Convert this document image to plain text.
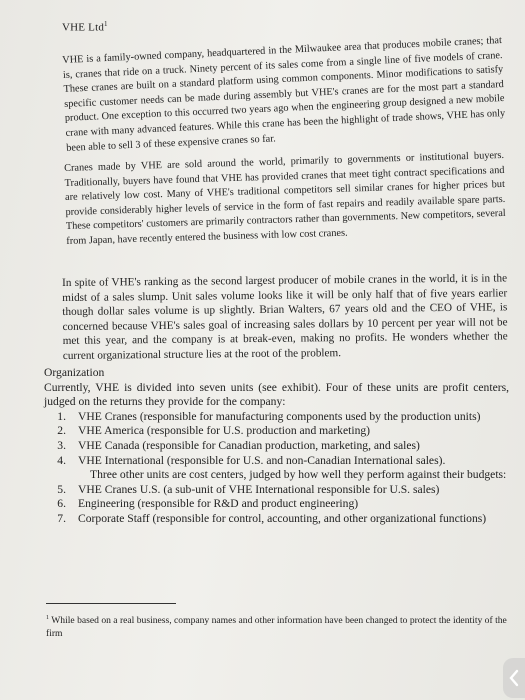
VHE Ltd$^1$

VHE is a family-owned company, headquartered in the Milwaukee area that produces mobile cranes; that is, cranes that ride on a truck. Ninety percent of its sales come from a single line of five models of crane. These cranes are built on a standard platform using common components. Minor modifications to satisfy specific customer needs can be made during assembly but VHE's cranes are for the most part a standard product. One exception to this occurred two years ago when the engineering group designed a new mobile crane with many advanced features. While this crane has been the highlight of trade shows, VHE has only been able to sell 3 of these expensive cranes so far.

Cranes made by VHE are sold around the world, primarily to governments or institutional buyers. Traditionally, buyers have found that VHE has provided cranes that meet tight contract specifications and are relatively low cost. Many of VHE's traditional competitors sell similar cranes for higher prices but provide considerably higher levels of service in the form of fast repairs and readily available spare parts. These competitors' customers are primarily contractors rather than governments. New competitors, several from Japan, have recently entered the business with low cost cranes.

In spite of VHE's ranking as the second largest producer of mobile cranes in the world, it is in the midst of a sales slump. Unit sales volume looks like it will be only half that of five years earlier though dollar sales volume is up slightly. Brian Walters, 67 years old and the CEO of VHE, is concerned because VHE's sales goal of increasing sales dollars by 10 percent per year will not be met this year, and the company is at break-even, making no profits. He wonders whether the current organizational structure lies at the root of the problem.

Organization

Currently, VHE is divided into seven units (see exhibit). Four of these units are profit centers, judged on the returns they provide for the company:

1.	VHE Cranes (responsible for manufacturing components used by the production units)
2.	VHE America (responsible for U.S. production and marketing)
3.	VHE Canada (responsible for Canadian production, marketing, and sales)
4.	VHE International (responsible for U.S. and non-Canadian International sales).

Three other units are cost centers, judged by how well they perform against their budgets:

5.	VHE Cranes U.S. (a sub-unit of VHE International responsible for U.S. sales)
6.	Engineering (responsible for R&D and product engineering)
7.	Corporate Staff (responsible for control, accounting, and other organizational functions)
$^1$ While based on a real business, company names and other information have been changed to protect the identity of the firm
